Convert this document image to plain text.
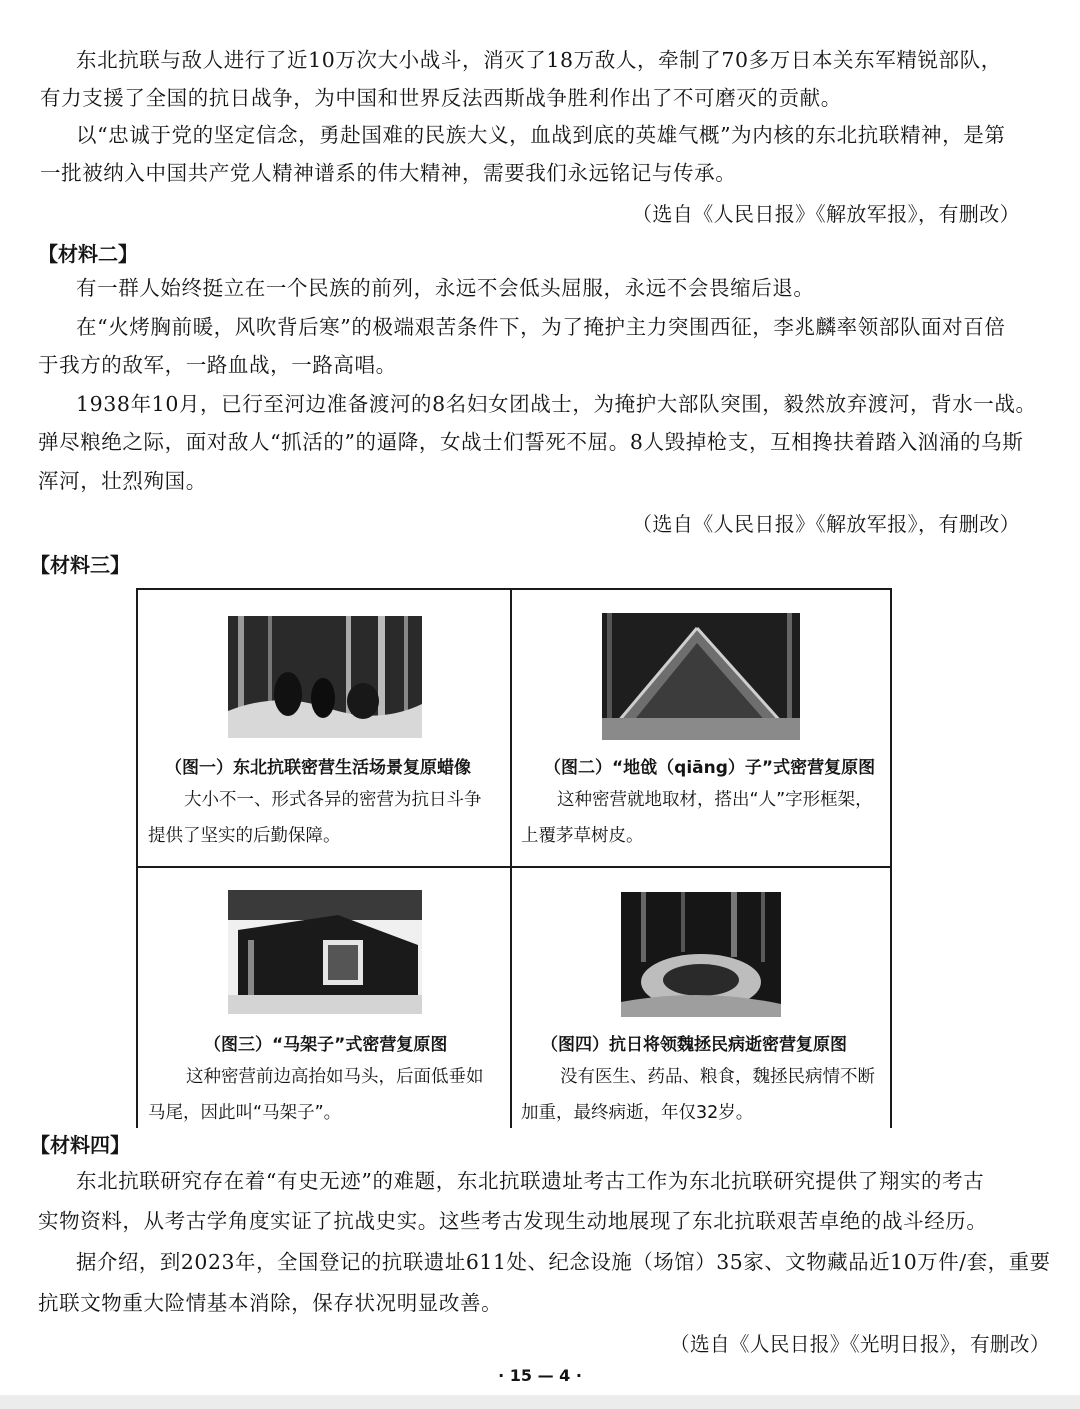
东北抗联与敌人进行了近10万次大小战斗，消灭了18万敌人，牵制了70多万日本关东军精锐部队，

有力支援了全国的抗日战争，为中国和世界反法西斯战争胜利作出了不可磨灭的贡献。

以“忠诚于党的坚定信念，勇赴国难的民族大义，血战到底的英雄气概”为内核的东北抗联精神，是第

一批被纳入中国共产党人精神谱系的伟大精神，需要我们永远铭记与传承。

（选自《人民日报》《解放军报》，有删改）
【材料二】

有一群人始终挺立在一个民族的前列，永远不会低头屈服，永远不会畏缩后退。

在“火烤胸前暖，风吹背后寒”的极端艰苦条件下，为了掩护主力突围西征，李兆麟率领部队面对百倍

于我方的敌军，一路血战，一路高唱。

1938年10月，已行至河边准备渡河的8名妇女团战士，为掩护大部队突围，毅然放弃渡河，背水一战。

弹尽粮绝之际，面对敌人“抓活的”的逼降，女战士们誓死不屈。8人毁掉枪支，互相搀扶着踏入汹涌的乌斯

浑河，壮烈殉国。

（选自《人民日报》《解放军报》，有删改）
【材料三】
（图一）东北抗联密营生活场景复原蜡像
大小不一、形式各异的密营为抗日斗争
提供了坚实的后勤保障。
（图二）“地戗（qiāng）子”式密营复原图
这种密营就地取材，搭出“人”字形框架，
上覆茅草树皮。
（图三）“马架子”式密营复原图
这种密营前边高抬如马头，后面低垂如
马尾，因此叫“马架子”。
（图四）抗日将领魏拯民病逝密营复原图
没有医生、药品、粮食，魏拯民病情不断
加重，最终病逝，年仅32岁。
【材料四】

东北抗联研究存在着“有史无迹”的难题，东北抗联遗址考古工作为东北抗联研究提供了翔实的考古

实物资料，从考古学角度实证了抗战史实。这些考古发现生动地展现了东北抗联艰苦卓绝的战斗经历。

据介绍，到2023年，全国登记的抗联遗址611处、纪念设施（场馆）35家、文物藏品近10万件/套，重要

抗联文物重大险情基本消除，保存状况明显改善。

（选自《人民日报》《光明日报》，有删改）
· 15 — 4 ·
